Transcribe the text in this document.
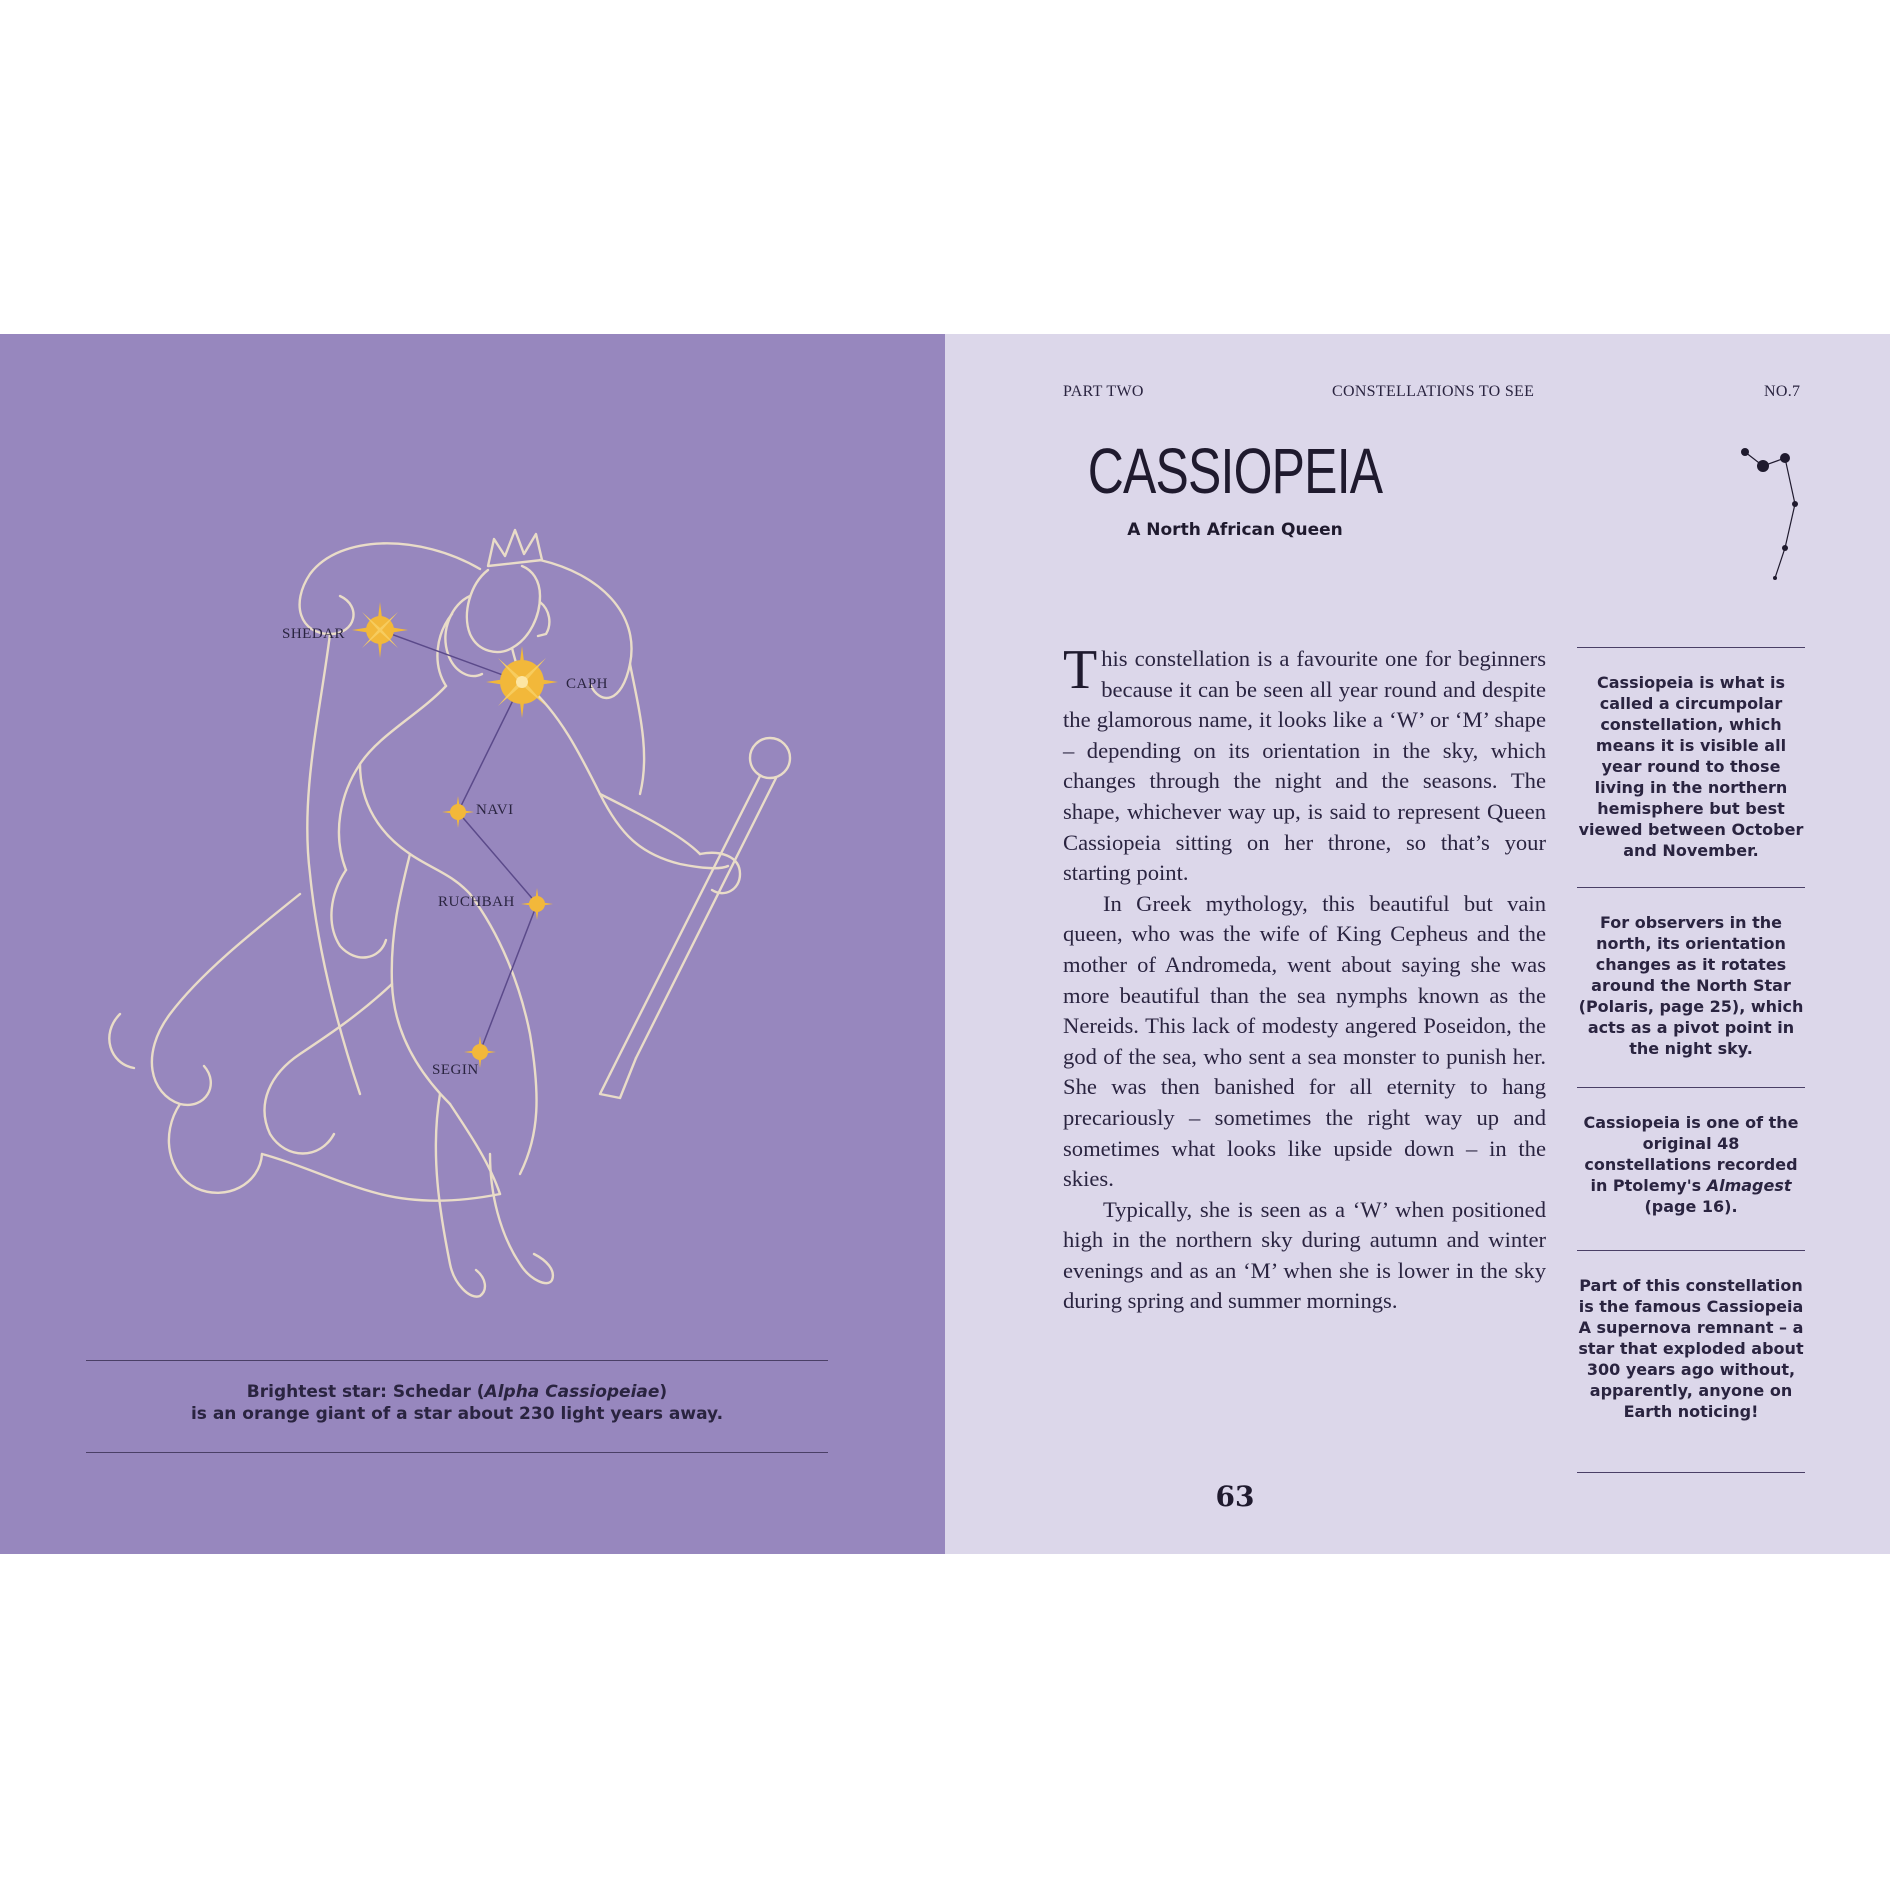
SHEDAR
CAPH
NAVI
RUCHBAH
SEGIN
Brightest star: Schedar (Alpha Cassiopeiae)
is an orange giant of a star about 230 light years away.
PART TWO	CONSTELLATIONS TO SEE	NO.7
CASSIOPEIA
A North African Queen

This constellation is a favourite one for beginners because it can be seen all year round and despite the glamorous name, it looks like a ‘W’ or ‘M’ shape – depending on its orientation in the sky, which changes through the night and the seasons. The shape, whichever way up, is said to represent Queen Cassiopeia sitting on her throne, so that’s your starting point.

In Greek mythology, this beautiful but vain queen, who was the wife of King Cepheus and the mother of Andromeda, went about saying she was more beautiful than the sea nymphs known as the Nereids. This lack of modesty angered Poseidon, the god of the sea, who sent a sea monster to punish her. She was then banished for all eternity to hang precariously – sometimes the right way up and sometimes what looks like upside down – in the skies.

Typically, she is seen as a ‘W’ when positioned high in the northern sky during autumn and winter evenings and as an ‘M’ when she is lower in the sky during spring and summer mornings.

Cassiopeia is what is called a circumpolar constellation, which means it is visible all year round to those living in the northern hemisphere but best viewed between October and November.
For observers in the north, its orientation changes as it rotates around the North Star (Polaris, page 25), which acts as a pivot point in the night sky.
Cassiopeia is one of the original 48 constellations recorded in Ptolemy's Almagest (page 16).
Part of this constellation is the famous Cassiopeia A supernova remnant – a star that exploded about 300 years ago without, apparently, anyone on Earth noticing!
63
